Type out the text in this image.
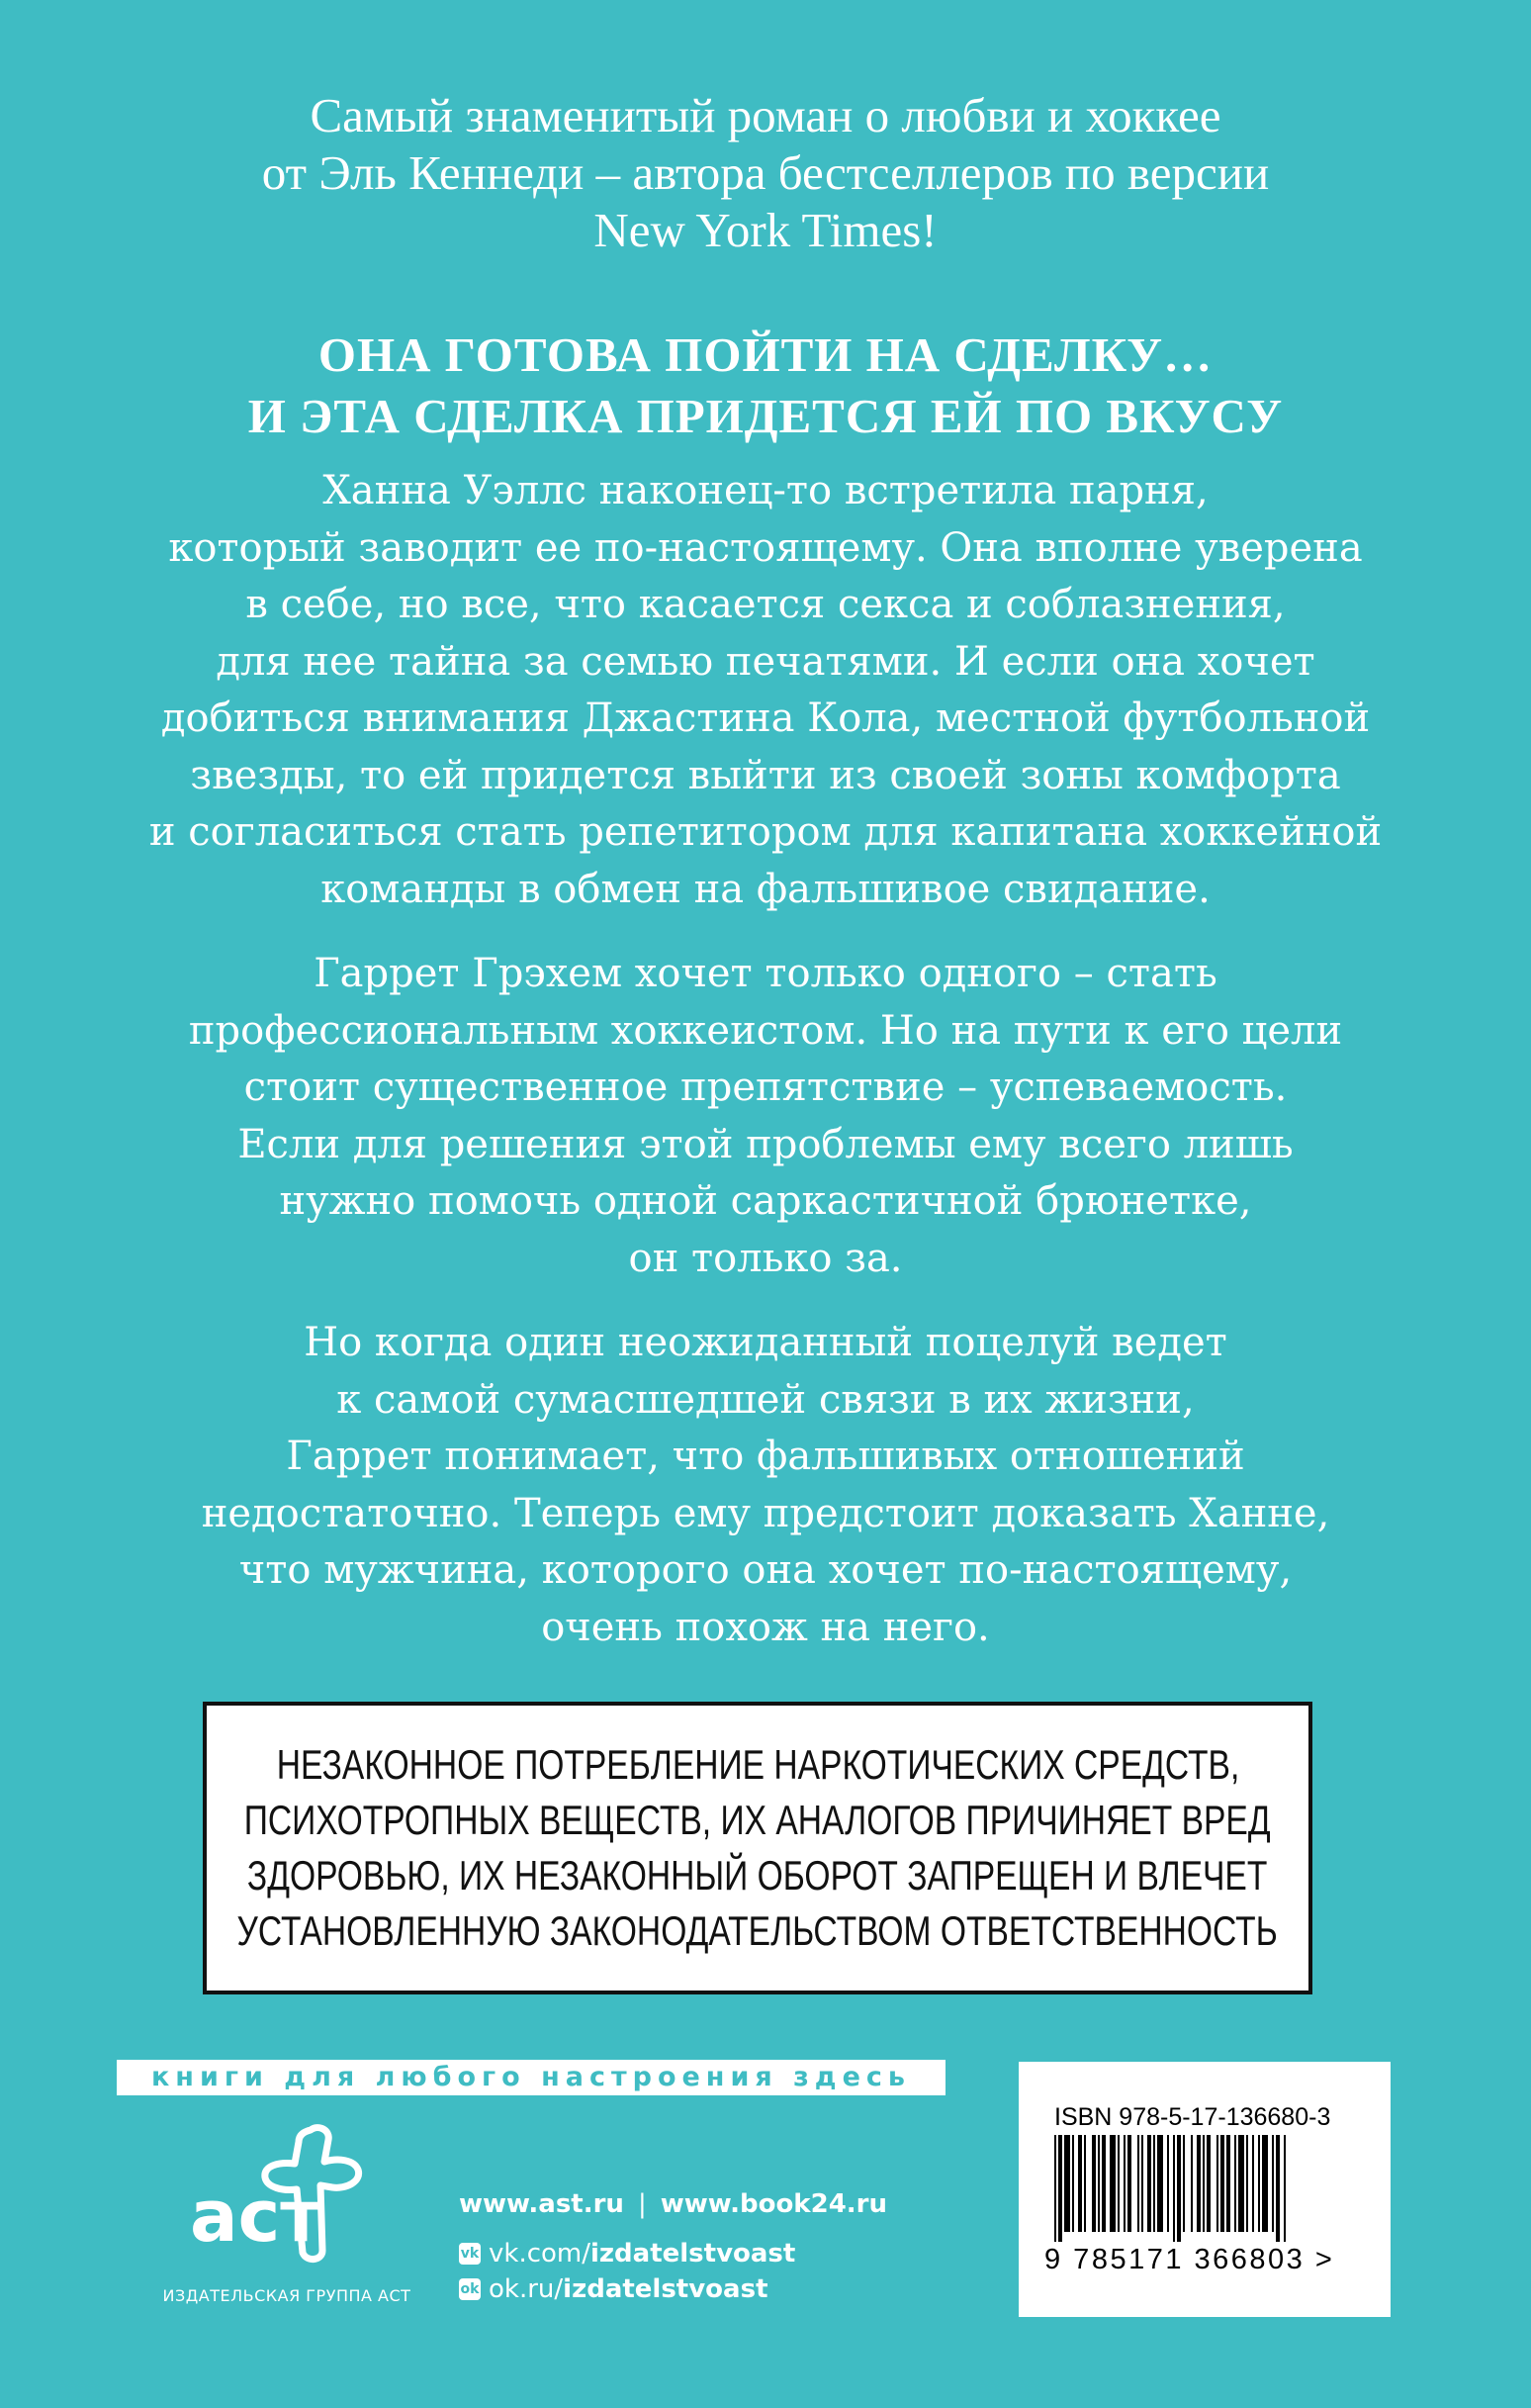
Самый знаменитый роман о любви и хоккее
от Эль Кеннеди – автора бестселлеров по версии
New York Times!
ОНА ГОТОВА ПОЙТИ НА СДЕЛКУ…
И ЭТА СДЕЛКА ПРИДЕТСЯ ЕЙ ПО ВКУСУ
Ханна Уэллс наконец-то встретила парня,
который заводит ее по-настоящему. Она вполне уверена
в себе, но все, что касается секса и соблазнения,
для нее тайна за семью печатями. И если она хочет
добиться внимания Джастина Кола, местной футбольной
звезды, то ей придется выйти из своей зоны комфорта
и согласиться стать репетитором для капитана хоккейной
команды в обмен на фальшивое свидание.
Гаррет Грэхем хочет только одного – стать
профессиональным хоккеистом. Но на пути к его цели
стоит существенное препятствие – успеваемость.
Если для решения этой проблемы ему всего лишь
нужно помочь одной саркастичной брюнетке,
он только за.
Но когда один неожиданный поцелуй ведет
к самой сумасшедшей связи в их жизни,
Гаррет понимает, что фальшивых отношений
недостаточно. Теперь ему предстоит доказать Ханне,
что мужчина, которого она хочет по-настоящему,
очень похож на него.
НЕЗАКОННОЕ ПОТРЕБЛЕНИЕ НАРКОТИЧЕСКИХ СРЕДСТВ,
ПСИХОТРОПНЫХ ВЕЩЕСТВ, ИХ АНАЛОГОВ ПРИЧИНЯЕТ ВРЕД
ЗДОРОВЬЮ, ИХ НЕЗАКОННЫЙ ОБОРОТ ЗАПРЕЩЕН И ВЛЕЧЕТ
УСТАНОВЛЕННУЮ ЗАКОНОДАТЕЛЬСТВОМ ОТВЕТСТВЕННОСТЬ
книги для любого настроения здесь
аст
ИЗДАТЕЛЬСКАЯ ГРУППА АСТ
www.ast.ru | www.book24.ru
vk vk.com/ izdatelstvoast
ok ok.ru/ izdatelstvoast
ISBN 978-5-17-136680-3
9 785171 366803 >
